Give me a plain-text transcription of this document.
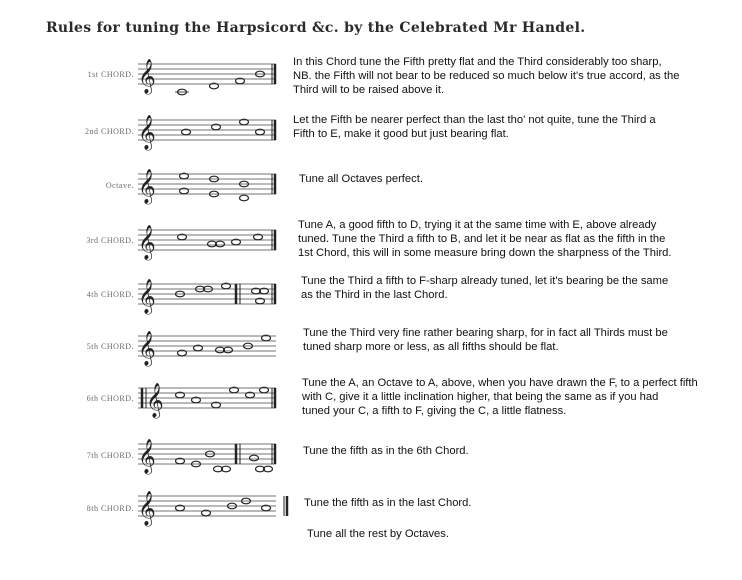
Rules for tuning the Harpsicord &c. by the Celebrated Mr Handel.
1st CHORD. 𝄞	In this Chord tune the Fifth pretty flat and the Third considerably too sharp,
NB. the Fifth will not bear to be reduced so much below it's true accord, as the
Third will to be raised above it.
2nd CHORD. 𝄞	Let the Fifth be nearer perfect than the last tho' not quite, tune the Third a
Fifth to E, make it good but just bearing flat.
Octave. 𝄞	Tune all Octaves perfect.
3rd CHORD. 𝄞	Tune A, a good fifth to D, trying it at the same time with E, above already
tuned. Tune the Third a fifth to B, and let it be near as flat as the fifth in the
1st Chord, this will in some measure bring down the sharpness of the Third.
4th CHORD. 𝄞	Tune the Third a fifth to F-sharp already tuned, let it's bearing be the same
as the Third in the last Chord.
5th CHORD. 𝄞	Tune the Third very fine rather bearing sharp, for in fact all Thirds must be
tuned sharp more or less, as all fifths should be flat.
6th CHORD. 𝄞	Tune the A, an Octave to A, above, when you have drawn the F, to a perfect fifth
with C, give it a little inclination higher, that being the same as if you had
tuned your C, a fifth to F, giving the C, a little flatness.
7th CHORD. 𝄞	Tune the fifth as in the 6th Chord.
8th CHORD. 𝄞	Tune the fifth as in the last Chord.
Tune all the rest by Octaves.
